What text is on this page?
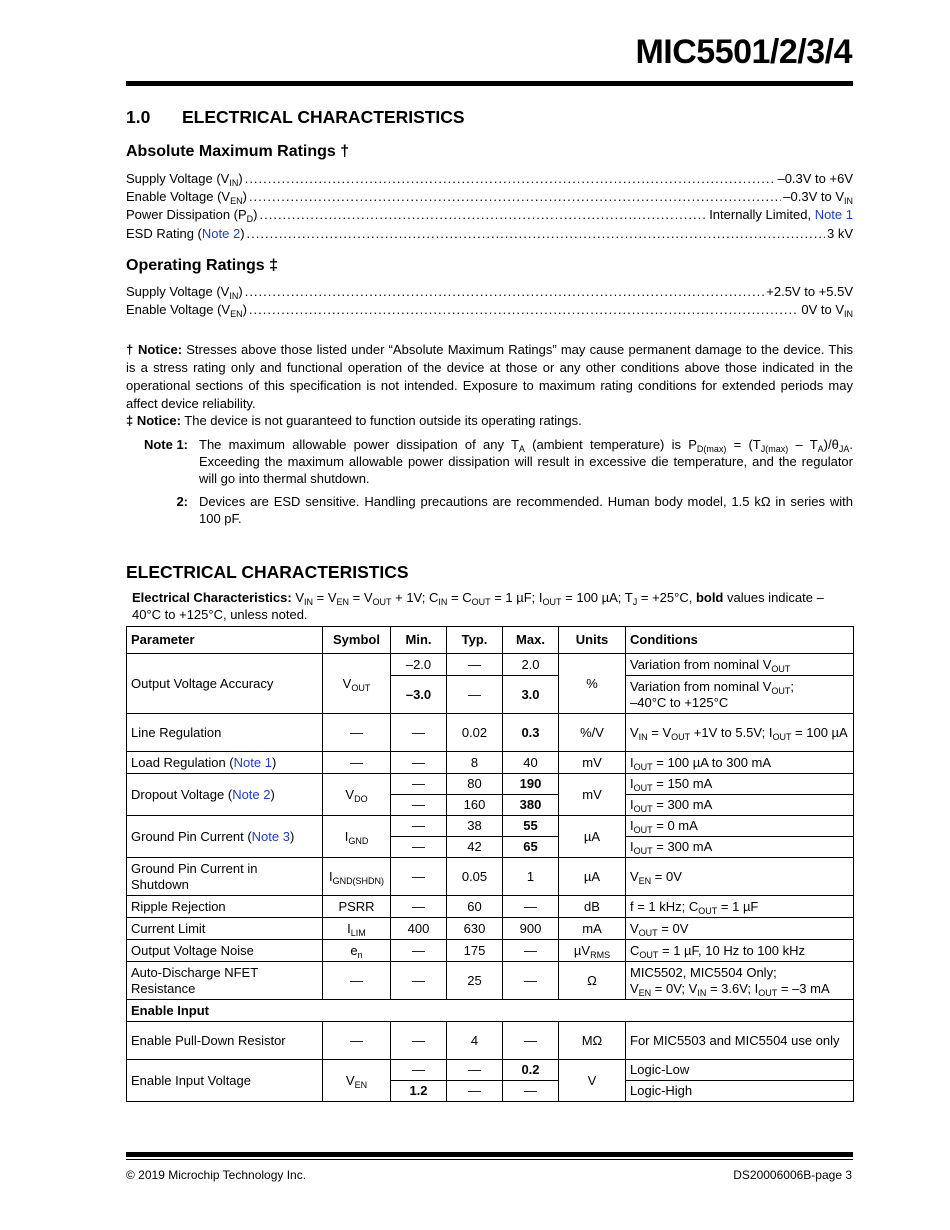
MIC5501/2/3/4
1.0 ELECTRICAL CHARACTERISTICS
Absolute Maximum Ratings †
Supply Voltage $(V_{IN})$ .....	–0.3V to +6V
Enable Voltage $(V_{EN})$ .....	–0.3V to $V_{IN}$
Power Dissipation $(P_D)$ .....	Internally Limited, Note 1
ESD Rating (Note 2) .....	3 kV
Operating Ratings ‡
Supply Voltage $(V_{IN})$ .....	+2.5V to +5.5V
Enable Voltage $(V_{EN})$ .....	0V to $V_{IN}$
† Notice: Stresses above those listed under “Absolute Maximum Ratings” may cause permanent damage to the device. This is a stress rating only and functional operation of the device at those or any other conditions above those indicated in the operational sections of this specification is not intended. Exposure to maximum rating conditions for extended periods may affect device reliability.
‡ Notice: The device is not guaranteed to function outside its operating ratings.
Note 1: The maximum allowable power dissipation of any $T_A$ (ambient temperature) is $P_{D(max)} = (T_{J(max)} - T_A)/\theta_{JA}$. Exceeding the maximum allowable power dissipation will result in excessive die temperature, and the regulator will go into thermal shutdown.
2: Devices are ESD sensitive. Handling precautions are recommended. Human body model, 1.5 kΩ in series with 100 pF.
ELECTRICAL CHARACTERISTICS
Electrical Characteristics: $V_{IN} = V_{EN} = V_{OUT} + 1V$; $C_{IN} = C_{OUT} = 1$ µF; $I_{OUT} = 100$ µA; $T_J = +25^\circ C$, bold values indicate –40°C to +125°C, unless noted.
Parameter	Symbol	Min.	Typ.	Max.	Units	Conditions
Output Voltage Accuracy	$V_{OUT}$	–2.0	—	2.0	%	Variation from nominal $V_{OUT}$
		–3.0	—	3.0		Variation from nominal $V_{OUT}$;
–40°C to +125°C
Line Regulation	—	—	0.02	0.3	%/V	$V_{IN} = V_{OUT} +1V$ to 5.5V; $I_{OUT} = 100$ µA
Load Regulation (Note 1)	—	—	8	40	mV	$I_{OUT} = 100$ µA to 300 mA
Dropout Voltage (Note 2)	$V_{DO}$	—	80	190	mV	$I_{OUT} = 150$ mA
		—	160	380		$I_{OUT} = 300$ mA
Ground Pin Current (Note 3)	$I_{GND}$	—	38	55	µA	$I_{OUT} = 0$ mA
		—	42	65		$I_{OUT} = 300$ mA
Ground Pin Current in Shutdown	$I_{GND(SHDN)}$	—	0.05	1	µA	$V_{EN} = 0V$
Ripple Rejection	PSRR	—	60	—	dB	f = 1 kHz; $C_{OUT} = 1$ µF
Current Limit	$I_{LIM}$	400	630	900	mA	$V_{OUT} = 0V$
Output Voltage Noise	$e_n$	—	175	—	µV$_{RMS}$	$C_{OUT} = 1$ µF, 10 Hz to 100 kHz
Auto-Discharge NFET Resistance	—	—	25	—	Ω	MIC5502, MIC5504 Only;
$V_{EN} = 0V$; $V_{IN} = 3.6V$; $I_{OUT} = -3$ mA
Enable Input						
Enable Pull-Down Resistor	—	—	4	—	MΩ	For MIC5503 and MIC5504 use only
Enable Input Voltage	$V_{EN}$	—	—	0.2	V	Logic-Low
		1.2	—	—		Logic-High
© 2019 Microchip Technology Inc.	DS20006006B-page 3
